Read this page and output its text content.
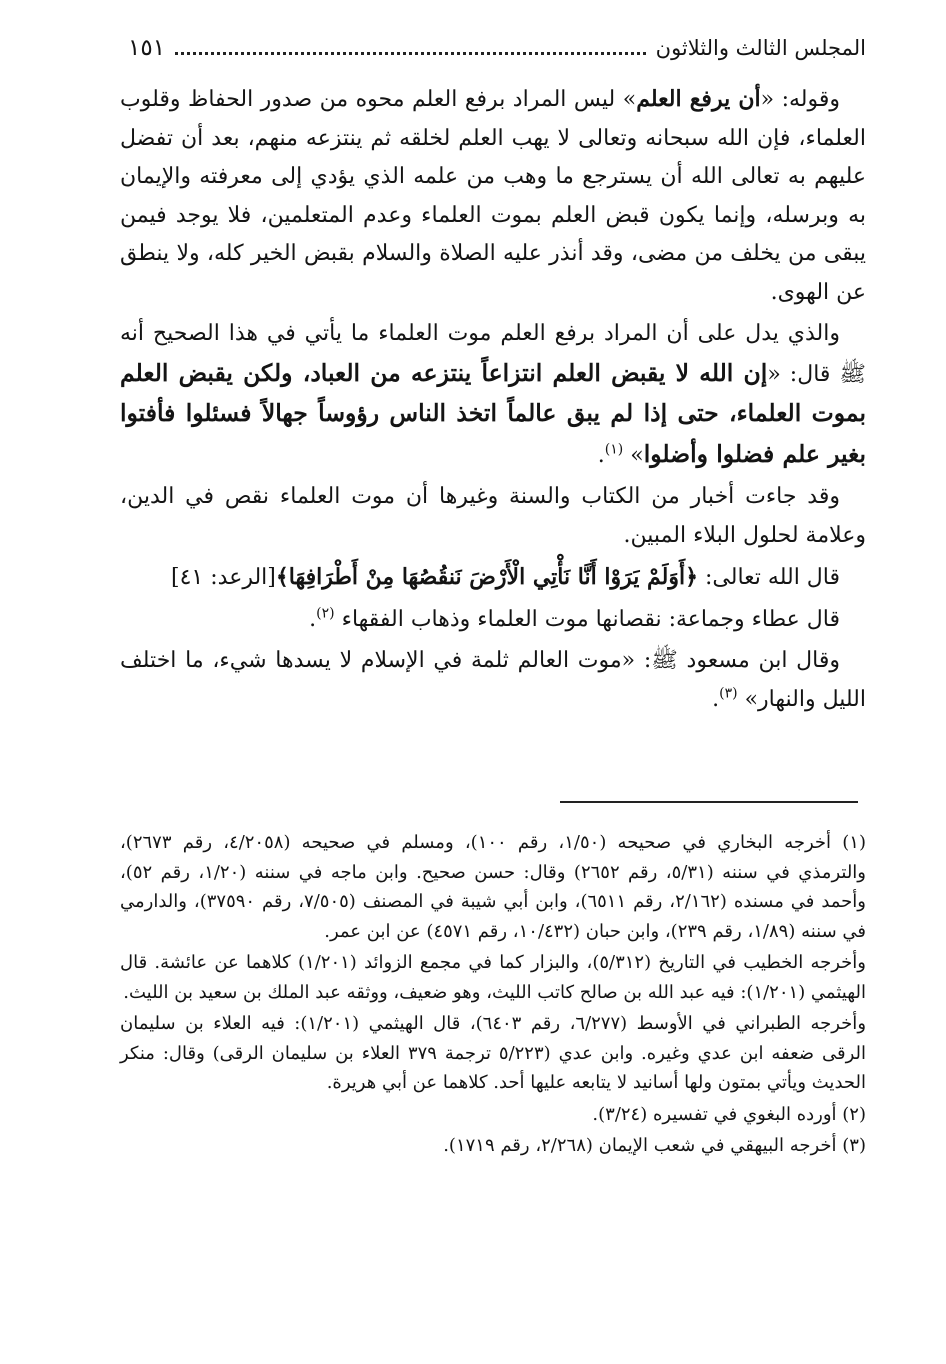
المجلس الثالث والثلاثون
١٥١

وقوله: «أن يرفع العلم» ليس المراد برفع العلم محوه من صدور الحفاظ وقلوب العلماء، فإن الله سبحانه وتعالى لا يهب العلم لخلقه ثم ينتزعه منهم، بعد أن تفضل عليهم به تعالى الله أن يسترجع ما وهب من علمه الذي يؤدي إلى معرفته والإيمان به وبرسله، وإنما يكون قبض العلم بموت العلماء وعدم المتعلمين، فلا يوجد فيمن يبقى من يخلف من مضى، وقد أنذر عليه الصلاة والسلام بقبض الخير كله، ولا ينطق عن الهوى.

والذي يدل على أن المراد برفع العلم موت العلماء ما يأتي في هذا الصحيح أنه ﷺ قال: «إن الله لا يقبض العلم انتزاعاً ينتزعه من العباد، ولكن يقبض العلم بموت العلماء، حتى إذا لم يبق عالماً اتخذ الناس رؤوساً جهالاً فسئلوا فأفتوا بغير علم فضلوا وأضلوا» $^{(١)}$.

وقد جاءت أخبار من الكتاب والسنة وغيرها أن موت العلماء نقص في الدين، وعلامة لحلول البلاء المبين.

قال الله تعالى: ﴿أَوَلَمْ يَرَوْا أَنَّا نَأْتِي الْأَرْضَ نَنقُصُهَا مِنْ أَطْرَافِهَا﴾[الرعد: ٤١]

قال عطاء وجماعة: نقصانها موت العلماء وذهاب الفقهاء $^{(٢)}$.

وقال ابن مسعود ﷺ: «موت العالم ثلمة في الإسلام لا يسدها شيء، ما اختلف الليل والنهار» $^{(٣)}$.

(١) أخرجه البخاري في صحيحه (١/٥٠، رقم ١٠٠)، ومسلم في صحيحه (٤/٢٠٥٨، رقم ٢٦٧٣)، والترمذي في سننه (٥/٣١، رقم ٢٦٥٢) وقال: حسن صحيح. وابن ماجه في سننه (١/٢٠، رقم ٥٢)، وأحمد في مسنده (٢/١٦٢، رقم ٦٥١١)، وابن أبي شيبة في المصنف (٧/٥٠٥، رقم ٣٧٥٩٠)، والدارمي في سننه (١/٨٩، رقم ٢٣٩)، وابن حبان (١٠/٤٣٢، رقم ٤٥٧١) عن ابن عمر.

وأخرجه الخطيب في التاريخ (٥/٣١٢)، والبزار كما في مجمع الزوائد (١/٢٠١) كلاهما عن عائشة. قال الهيثمي (١/٢٠١): فيه عبد الله بن صالح كاتب الليث، وهو ضعيف، ووثقه عبد الملك بن سعيد بن الليث.

وأخرجه الطبراني في الأوسط (٦/٢٧٧، رقم ٦٤٠٣)، قال الهيثمي (١/٢٠١): فيه العلاء بن سليمان الرقى ضعفه ابن عدي وغيره. وابن عدي (٥/٢٢٣ ترجمة ٣٧٩ العلاء بن سليمان الرقى) وقال: منكر الحديث ويأتي بمتون ولها أسانيد لا يتابعه عليها أحد. كلاهما عن أبي هريرة.

(٢) أورده البغوي في تفسيره (٣/٢٤).

(٣) أخرجه البيهقي في شعب الإيمان (٢/٢٦٨، رقم ١٧١٩).
